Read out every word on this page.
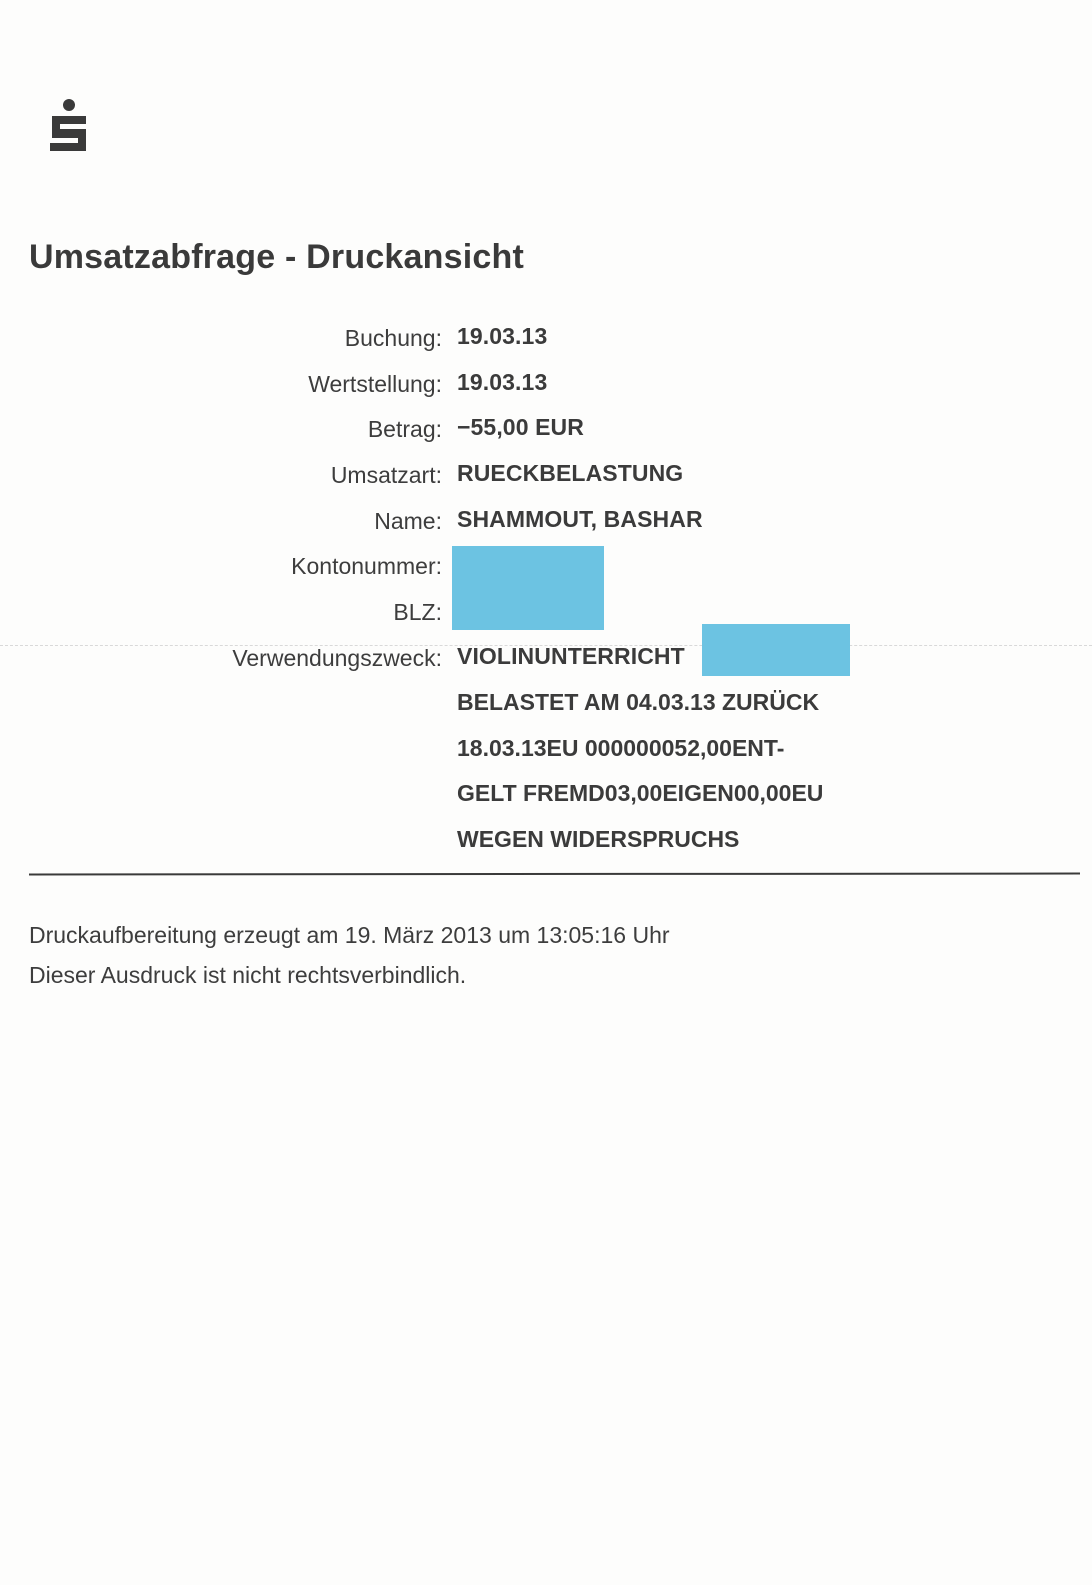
Umsatzabfrage - Druckansicht
Buchung: 19.03.13
Wertstellung: 19.03.13
Betrag: −55,00 EUR
Umsatzart: RUECKBELASTUNG
Name: SHAMMOUT, BASHAR
Kontonummer:
BLZ:
Verwendungszweck: VIOLINUNTERRICHT
BELASTET AM 04.03.13 ZURÜCK
18.03.13EU 000000052,00ENT-
GELT FREMD03,00EIGEN00,00EU
WEGEN WIDERSPRUCHS
Druckaufbereitung erzeugt am 19. März 2013 um 13:05:16 Uhr
Dieser Ausdruck ist nicht rechtsverbindlich.
